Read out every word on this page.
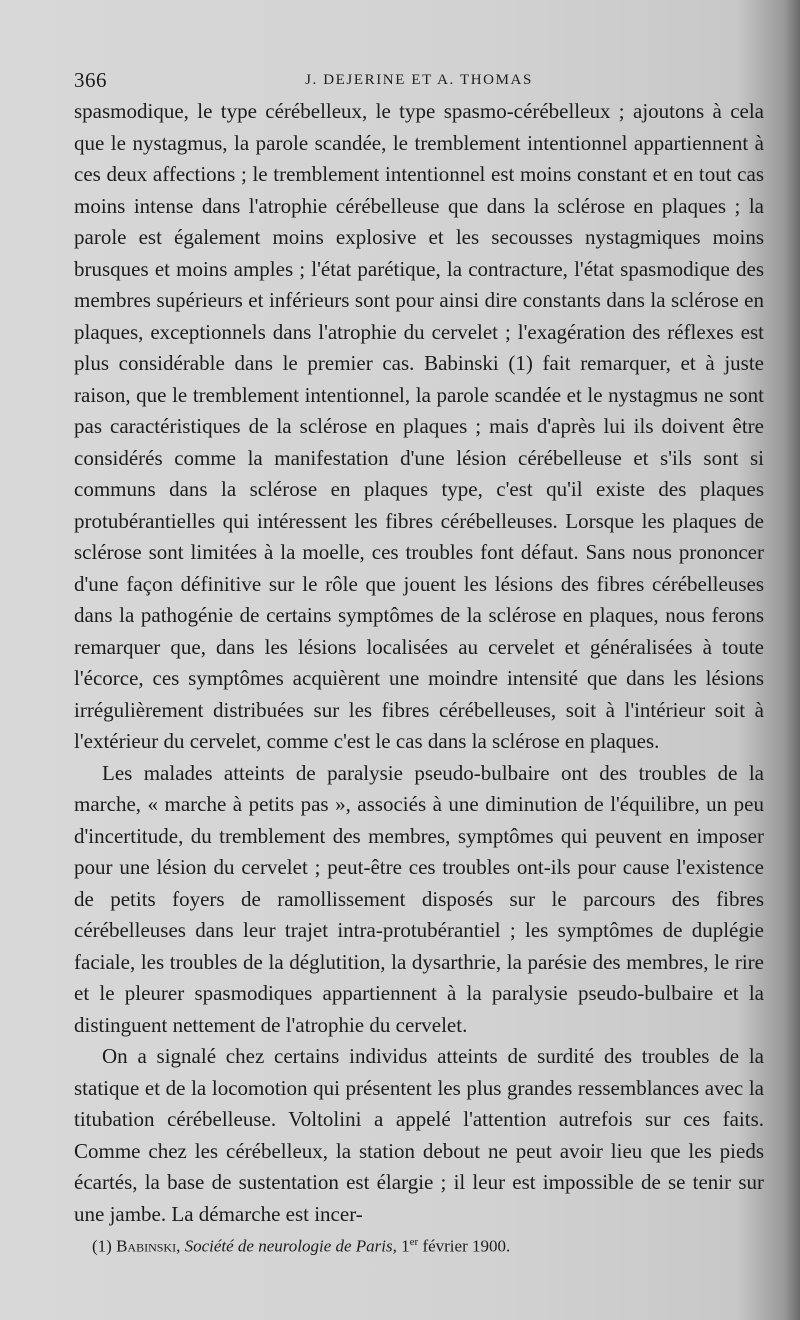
366	J. DEJERINE ET A. THOMAS

spasmodique, le type cérébelleux, le type spasmo-cérébelleux ; ajoutons à cela que le nystagmus, la parole scandée, le tremblement intentionnel appartiennent à ces deux affections ; le tremblement intentionnel est moins constant et en tout cas moins intense dans l'atrophie cérébelleuse que dans la sclérose en plaques ; la parole est également moins explosive et les secousses nystagmiques moins brusques et moins amples ; l'état parétique, la contracture, l'état spasmodique des membres supérieurs et inférieurs sont pour ainsi dire constants dans la sclérose en plaques, exceptionnels dans l'atrophie du cervelet ; l'exagération des réflexes est plus considérable dans le premier cas. Babinski (1) fait remarquer, et à juste raison, que le tremblement intentionnel, la parole scandée et le nystagmus ne sont pas caractéristiques de la sclérose en plaques ; mais d'après lui ils doivent être considérés comme la manifestation d'une lésion cérébelleuse et s'ils sont si communs dans la sclérose en plaques type, c'est qu'il existe des plaques protubérantielles qui intéressent les fibres cérébelleuses. Lorsque les plaques de sclérose sont limitées à la moelle, ces troubles font défaut. Sans nous prononcer d'une façon définitive sur le rôle que jouent les lésions des fibres cérébelleuses dans la pathogénie de certains symptômes de la sclérose en plaques, nous ferons remarquer que, dans les lésions localisées au cervelet et généralisées à toute l'écorce, ces symptômes acquièrent une moindre intensité que dans les lésions irrégulièrement distribuées sur les fibres cérébelleuses, soit à l'intérieur soit à l'extérieur du cervelet, comme c'est le cas dans la sclérose en plaques.

Les malades atteints de paralysie pseudo-bulbaire ont des troubles de la marche, « marche à petits pas », associés à une diminution de l'équilibre, un peu d'incertitude, du tremblement des membres, symptômes qui peuvent en imposer pour une lésion du cervelet ; peut-être ces troubles ont-ils pour cause l'existence de petits foyers de ramollissement disposés sur le parcours des fibres cérébelleuses dans leur trajet intra-protubérantiel ; les symptômes de duplégie faciale, les troubles de la déglutition, la dysarthrie, la parésie des membres, le rire et le pleurer spasmodiques appartiennent à la paralysie pseudo-bulbaire et la distinguent nettement de l'atrophie du cervelet.

On a signalé chez certains individus atteints de surdité des troubles de la statique et de la locomotion qui présentent les plus grandes ressemblances avec la titubation cérébelleuse. Voltolini a appelé l'attention autrefois sur ces faits. Comme chez les cérébelleux, la station debout ne peut avoir lieu que les pieds écartés, la base de sustentation est élargie ; il leur est impossible de se tenir sur une jambe. La démarche est incer-

(1) Babinski, Société de neurologie de Paris, 1er février 1900.
